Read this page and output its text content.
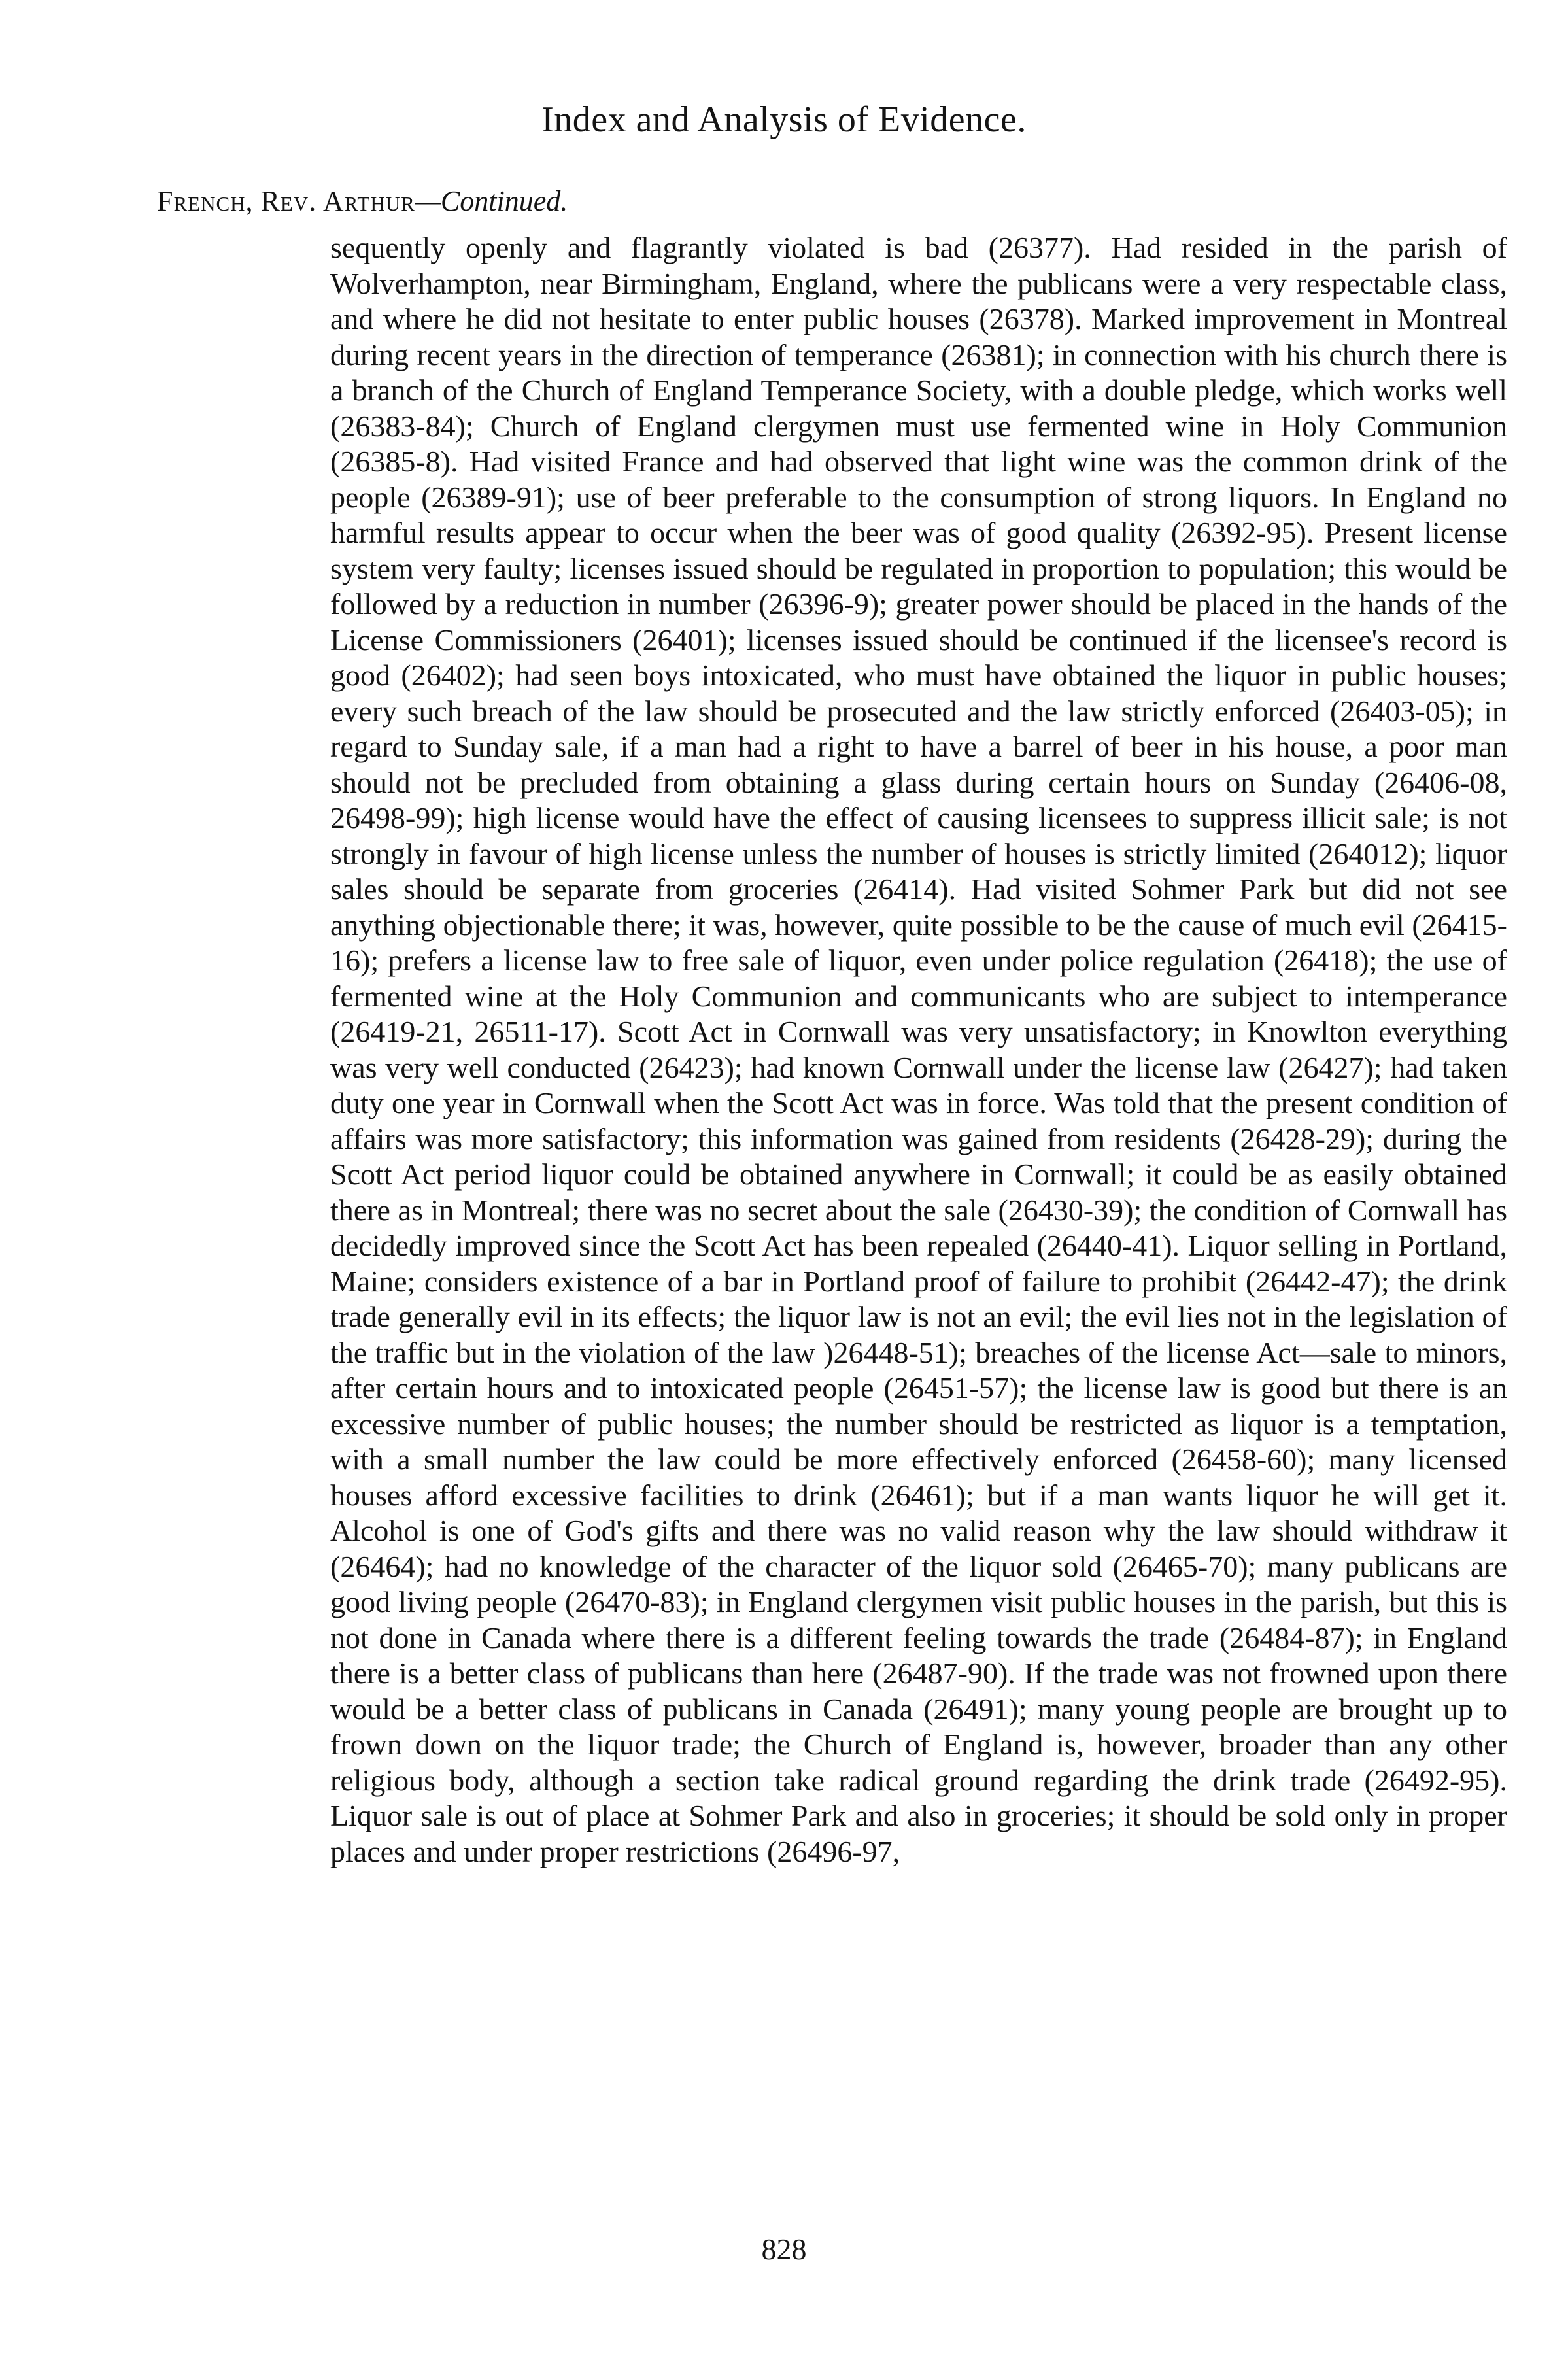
Index and Analysis of Evidence.
French, Rev. Arthur—Continued.

sequently openly and flagrantly violated is bad (26377). Had resided in the parish of Wolverhampton, near Birmingham, England, where the publicans were a very respectable class, and where he did not hesitate to enter public houses (26378). Marked improvement in Montreal during recent years in the direction of temperance (26381); in connection with his church there is a branch of the Church of England Temperance Society, with a double pledge, which works well (26383-84); Church of England clergymen must use fermented wine in Holy Communion (26385-8). Had visited France and had observed that light wine was the common drink of the people (26389-91); use of beer preferable to the consumption of strong liquors. In England no harmful results appear to occur when the beer was of good quality (26392-95). Present license system very faulty; licenses issued should be regulated in proportion to population; this would be followed by a reduction in number (26396-9); greater power should be placed in the hands of the License Commissioners (26401); licenses issued should be continued if the licensee's record is good (26402); had seen boys intoxicated, who must have obtained the liquor in public houses; every such breach of the law should be prosecuted and the law strictly enforced (26403-05); in regard to Sunday sale, if a man had a right to have a barrel of beer in his house, a poor man should not be precluded from obtaining a glass during certain hours on Sunday (26406-08, 26498-99); high license would have the effect of causing licensees to suppress illicit sale; is not strongly in favour of high license unless the number of houses is strictly limited (264012); liquor sales should be separate from groceries (26414). Had visited Sohmer Park but did not see anything objectionable there; it was, however, quite possible to be the cause of much evil (26415-16); prefers a license law to free sale of liquor, even under police regulation (26418); the use of fermented wine at the Holy Communion and communicants who are subject to intemperance (26419-21, 26511-17). Scott Act in Cornwall was very unsatisfactory; in Knowlton everything was very well conducted (26423); had known Cornwall under the license law (26427); had taken duty one year in Cornwall when the Scott Act was in force. Was told that the present condition of affairs was more satisfactory; this information was gained from residents (26428-29); during the Scott Act period liquor could be obtained anywhere in Cornwall; it could be as easily obtained there as in Montreal; there was no secret about the sale (26430-39); the condition of Cornwall has decidedly improved since the Scott Act has been repealed (26440-41). Liquor selling in Portland, Maine; considers existence of a bar in Portland proof of failure to prohibit (26442-47); the drink trade generally evil in its effects; the liquor law is not an evil; the evil lies not in the legislation of the traffic but in the violation of the law )26448-51); breaches of the license Act—sale to minors, after certain hours and to intoxicated people (26451-57); the license law is good but there is an excessive number of public houses; the number should be restricted as liquor is a temptation, with a small number the law could be more effectively enforced (26458-60); many licensed houses afford excessive facilities to drink (26461); but if a man wants liquor he will get it. Alcohol is one of God's gifts and there was no valid reason why the law should withdraw it (26464); had no knowledge of the character of the liquor sold (26465-70); many publicans are good living people (26470-83); in England clergymen visit public houses in the parish, but this is not done in Canada where there is a different feeling towards the trade (26484-87); in England there is a better class of publicans than here (26487-90). If the trade was not frowned upon there would be a better class of publicans in Canada (26491); many young people are brought up to frown down on the liquor trade; the Church of England is, however, broader than any other religious body, although a section take radical ground regarding the drink trade (26492-95). Liquor sale is out of place at Sohmer Park and also in groceries; it should be sold only in proper places and under proper restrictions (26496-97,

828
